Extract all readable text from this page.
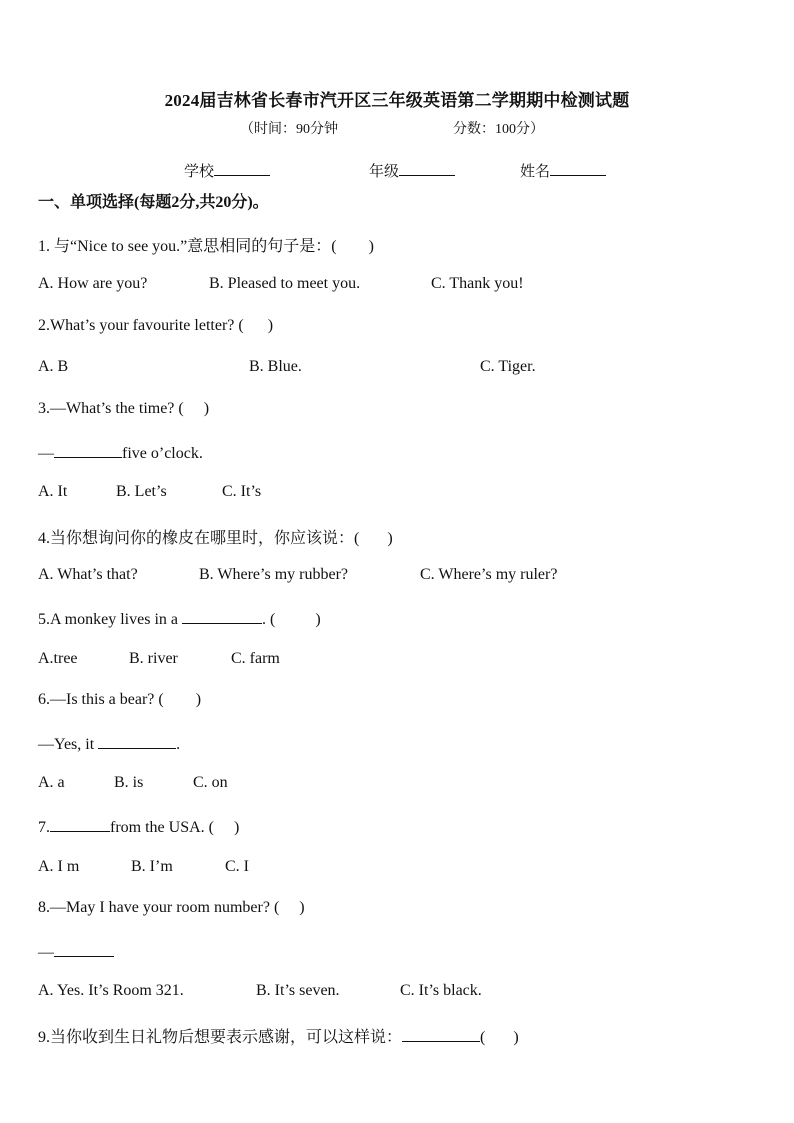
2024届吉林省长春市汽开区三年级英语第二学期期中检测试题
（时间：90分钟	分数：100分）
学校	年级	姓名
一、单项选择(每题2分,共20分)。
1. 与“Nice to see you.”意思相同的句子是：(        )
A. How are you?	B. Pleased to meet you.	C. Thank you!
2.What’s your favourite letter? (      )
A. B	B. Blue.	C. Tiger.
3.—What’s the time? (     )
—	five o’clock.
A. It	B. Let’s	C. It’s
4.当你想询问你的橡皮在哪里时，你应该说：(       )
A. What’s that?	B. Where’s my rubber?	C. Where’s my ruler?
5.A monkey lives in a	. (          )
A.tree	B. river	C. farm
6.—Is this a bear? (        )
—Yes, it	.
A. a	B. is	C. on
7.	from the USA. (     )
A. I m	B. I’m	C. I
8.—May I have your room number? (     )
—
A. Yes. It’s Room 321.	B. It’s seven.	C. It’s black.
9.当你收到生日礼物后想要表示感谢，可以这样说：	(       )
